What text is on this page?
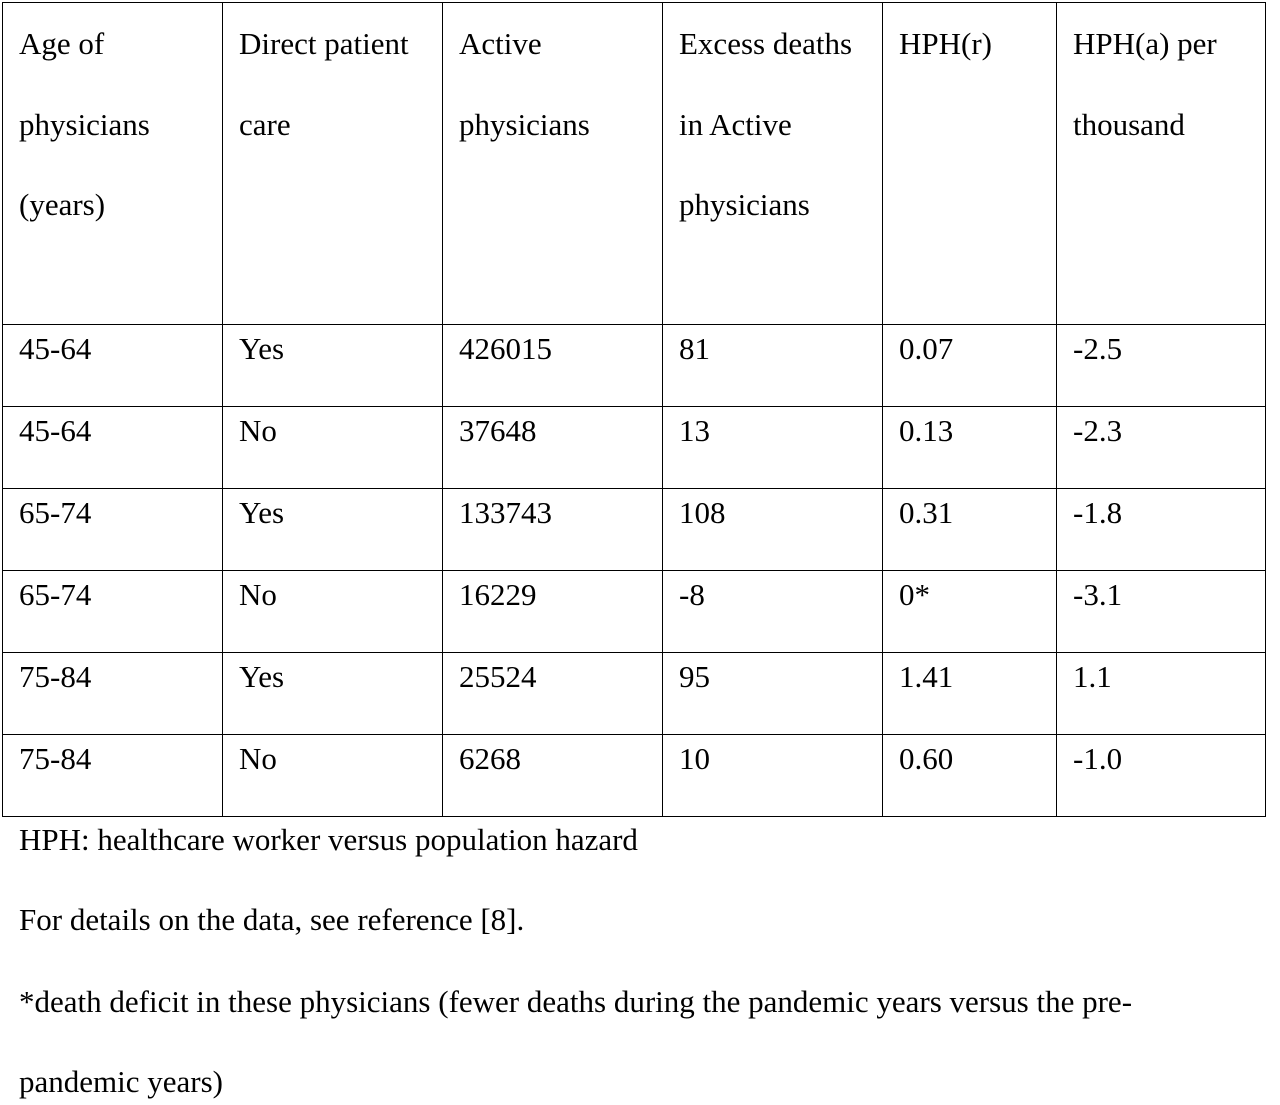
Age of physicians (years)	Direct patient care	Active physicians	Excess deaths in Active physicians	HPH(r)	HPH(a) per thousand
45-64	Yes	426015	81	0.07	-2.5
45-64	No	37648	13	0.13	-2.3
65-74	Yes	133743	108	0.31	-1.8
65-74	No	16229	-8	0*	-3.1
75-84	Yes	25524	95	1.41	1.1
75-84	No	6268	10	0.60	-1.0
HPH: healthcare worker versus population hazard
For details on the data, see reference [8].
*death deficit in these physicians (fewer deaths during the pandemic years versus the pre-
pandemic years)
